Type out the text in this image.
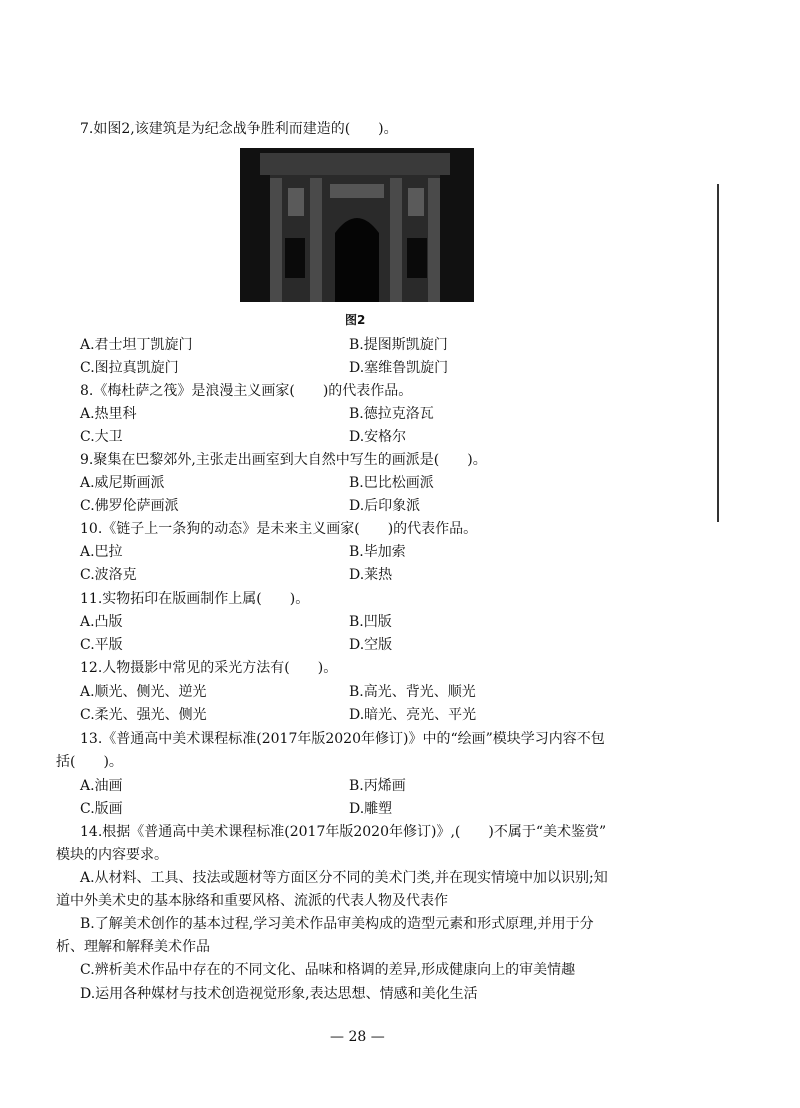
7.如图2,该建筑是为纪念战争胜利而建造的(　　)。
图2
A.君士坦丁凯旋门	B.提图斯凯旋门
C.图拉真凯旋门	D.塞维鲁凯旋门
8.《梅杜萨之筏》是浪漫主义画家(　　)的代表作品。
A.热里科	B.德拉克洛瓦
C.大卫	D.安格尔
9.聚集在巴黎郊外,主张走出画室到大自然中写生的画派是(　　)。
A.威尼斯画派	B.巴比松画派
C.佛罗伦萨画派	D.后印象派
10.《链子上一条狗的动态》是未来主义画家(　　)的代表作品。
A.巴拉	B.毕加索
C.波洛克	D.莱热
11.实物拓印在版画制作上属(　　)。
A.凸版	B.凹版
C.平版	D.空版
12.人物摄影中常见的采光方法有(　　)。
A.顺光、侧光、逆光	B.高光、背光、顺光
C.柔光、强光、侧光	D.暗光、亮光、平光
13.《普通高中美术课程标准(2017年版2020年修订)》中的“绘画”模块学习内容不包
括(　　)。
A.油画	B.丙烯画
C.版画	D.雕塑
14.根据《普通高中美术课程标准(2017年版2020年修订)》,(　　)不属于“美术鉴赏”
模块的内容要求。
A.从材料、工具、技法或题材等方面区分不同的美术门类,并在现实情境中加以识别;知
道中外美术史的基本脉络和重要风格、流派的代表人物及代表作
B.了解美术创作的基本过程,学习美术作品审美构成的造型元素和形式原理,并用于分
析、理解和解释美术作品
C.辨析美术作品中存在的不同文化、品味和格调的差异,形成健康向上的审美情趣
D.运用各种媒材与技术创造视觉形象,表达思想、情感和美化生活
— 28 —
